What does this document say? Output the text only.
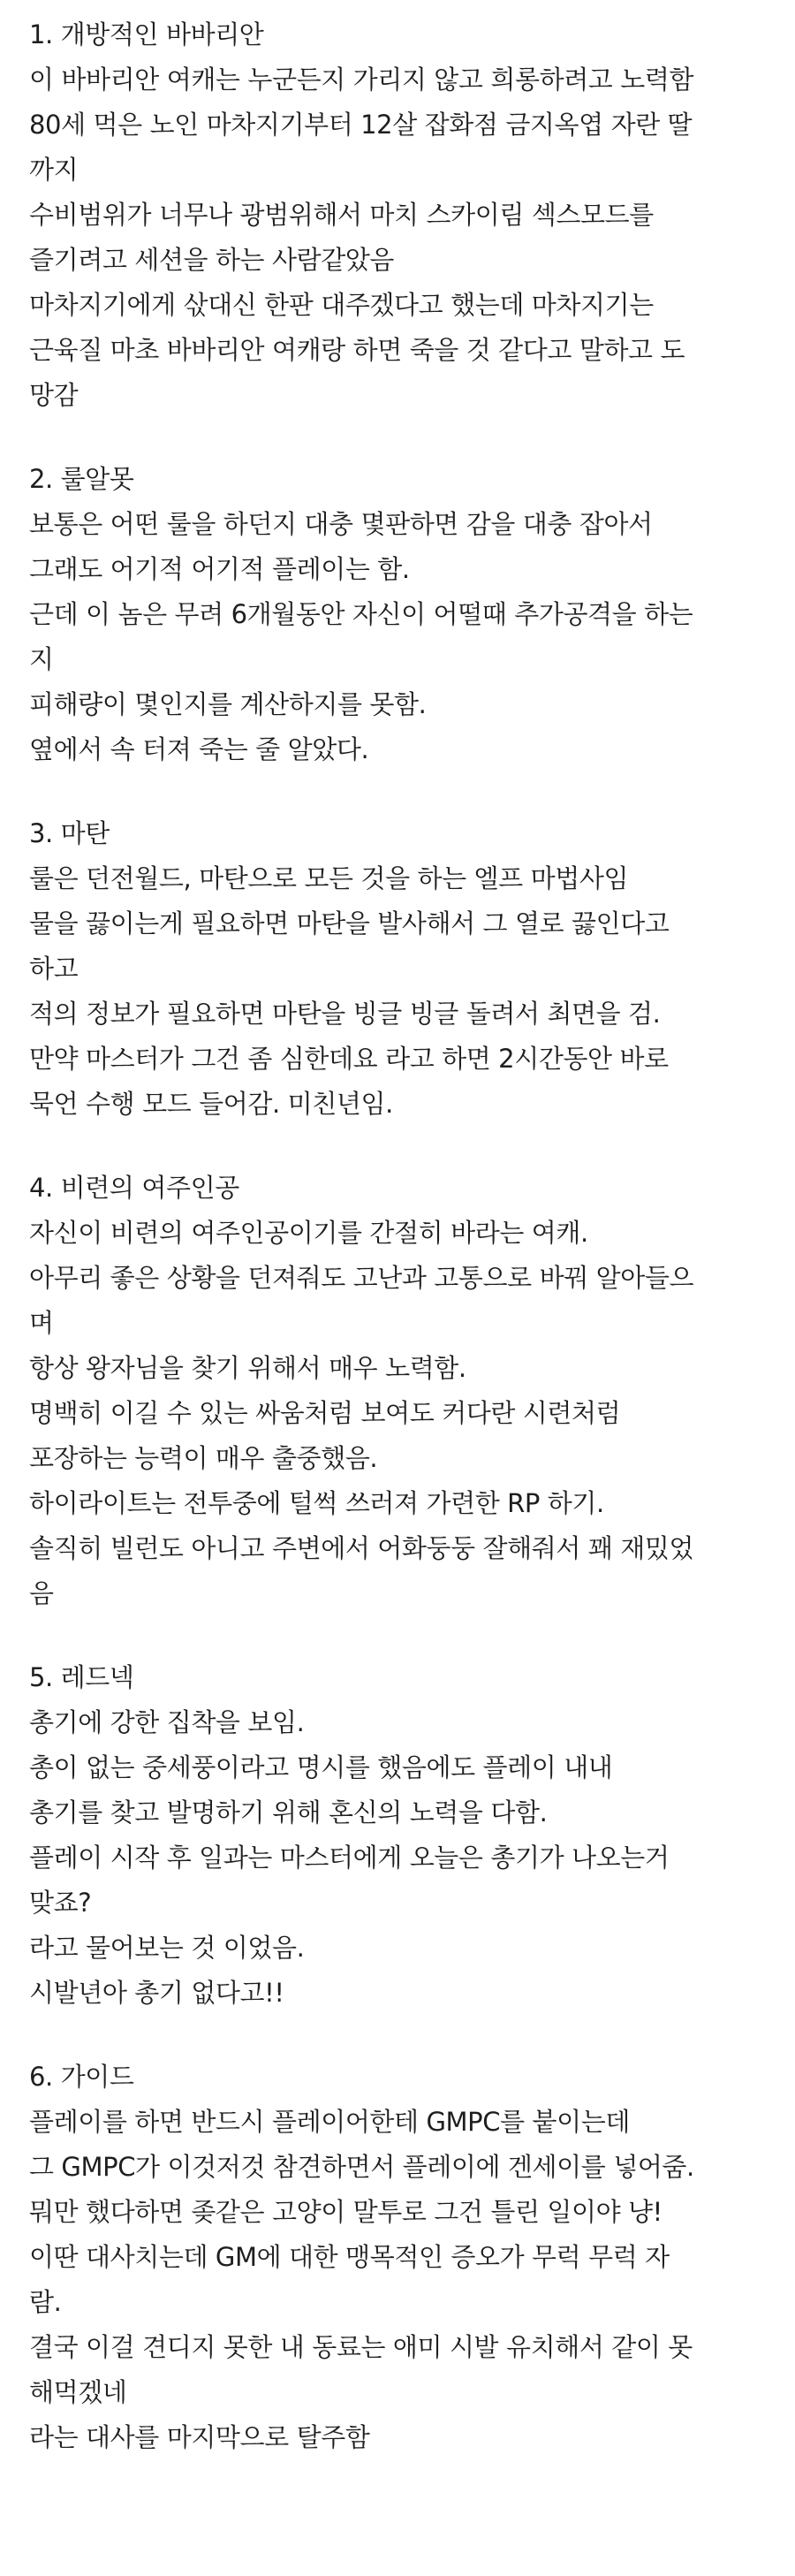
1. 개방적인 바바리안
이 바바리안 여캐는 누군든지 가리지 않고 희롱하려고 노력함
80세 먹은 노인 마차지기부터 12살 잡화점 금지옥엽 자란 딸
까지
수비범위가 너무나 광범위해서 마치 스카이림 섹스모드를
즐기려고 세션을 하는 사람같았음
마차지기에게 삯대신 한판 대주겠다고 했는데 마차지기는
근육질 마초 바바리안 여캐랑 하면 죽을 것 같다고 말하고 도
망감
2. 룰알못
보통은 어떤 룰을 하던지 대충 몇판하면 감을 대충 잡아서
그래도 어기적 어기적 플레이는 함.
근데 이 놈은 무려 6개월동안 자신이 어떨때 추가공격을 하는
지
피해량이 몇인지를 계산하지를 못함.
옆에서 속 터져 죽는 줄 알았다.
3. 마탄
룰은 던전월드, 마탄으로 모든 것을 하는 엘프 마법사임
물을 끓이는게 필요하면 마탄을 발사해서 그 열로 끓인다고
하고
적의 정보가 필요하면 마탄을 빙글 빙글 돌려서 최면을 검.
만약 마스터가 그건 좀 심한데요 라고 하면 2시간동안 바로
묵언 수행 모드 들어감. 미친년임.
4. 비련의 여주인공
자신이 비련의 여주인공이기를 간절히 바라는 여캐.
아무리 좋은 상황을 던져줘도 고난과 고통으로 바꿔 알아들으
며
항상 왕자님을 찾기 위해서 매우 노력함.
명백히 이길 수 있는 싸움처럼 보여도 커다란 시련처럼
포장하는 능력이 매우 출중했음.
하이라이트는 전투중에 털썩 쓰러져 가련한 RP 하기.
솔직히 빌런도 아니고 주변에서 어화둥둥 잘해줘서 꽤 재밌었
음
5. 레드넥
총기에 강한 집착을 보임.
총이 없는 중세풍이라고 명시를 했음에도 플레이 내내
총기를 찾고 발명하기 위해 혼신의 노력을 다함.
플레이 시작 후 일과는 마스터에게 오늘은 총기가 나오는거
맞죠?
라고 물어보는 것 이었음.
시발년아 총기 없다고!!
6. 가이드
플레이를 하면 반드시 플레이어한테 GMPC를 붙이는데
그 GMPC가 이것저것 참견하면서 플레이에 겐세이를 넣어줌.
뭐만 했다하면 좆같은 고양이 말투로 그건 틀린 일이야 냥!
이딴 대사치는데 GM에 대한 맹목적인 증오가 무럭 무럭 자
람.
결국 이걸 견디지 못한 내 동료는 애미 시발 유치해서 같이 못
해먹겠네
라는 대사를 마지막으로 탈주함
